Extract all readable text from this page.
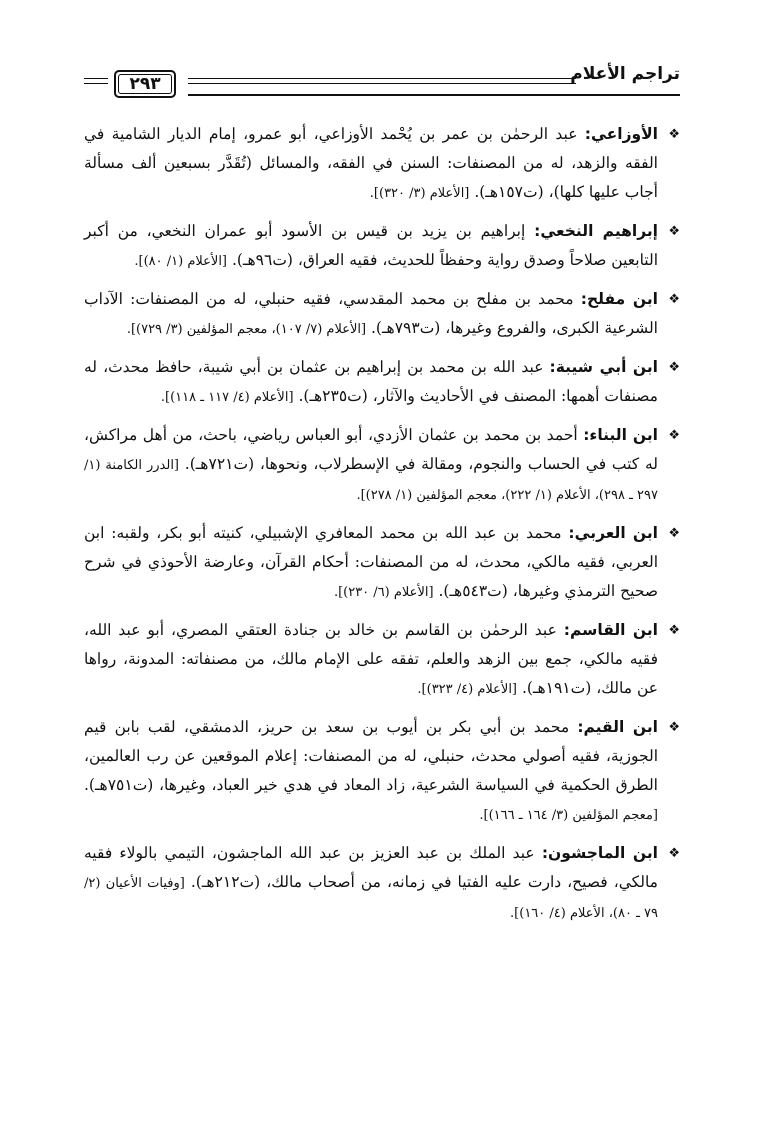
تراجم الأعلام
٢٩٣
❖
الأوزاعي: عبد الرحمٰن بن عمر بن يُحْمد الأوزاعي، أبو عمرو، إمام الديار الشامية في الفقه والزهد، له من المصنفات: السنن في الفقه، والمسائل (تُقَدَّر بسبعين ألف مسألة أجاب عليها كلها)، (ت١٥٧هـ). [الأعلام (٣/ ٣٢٠)].
❖
إبراهيم النخعي: إبراهيم بن يزيد بن قيس بن الأسود أبو عمران النخعي، من أكبر التابعين صلاحاً وصدق رواية وحفظاً للحديث، فقيه العراق، (ت٩٦هـ). [الأعلام (١/ ٨٠)].
❖
ابن مفلح: محمد بن مفلح بن محمد المقدسي، فقيه حنبلي، له من المصنفات: الآداب الشرعية الكبرى، والفروع وغيرها، (ت٧٩٣هـ). [الأعلام (٧/ ١٠٧)، معجم المؤلفين (٣/ ٧٢٩)].
❖
ابن أبي شيبة: عبد الله بن محمد بن إبراهيم بن عثمان بن أبي شيبة، حافظ محدث، له مصنفات أهمها: المصنف في الأحاديث والآثار، (ت٢٣٥هـ). [الأعلام (٤/ ١١٧ ـ ١١٨)].
❖
ابن البناء: أحمد بن محمد بن عثمان الأزدي، أبو العباس رياضي، باحث، من أهل مراكش، له كتب في الحساب والنجوم، ومقالة في الإسطرلاب، ونحوها، (ت٧٢١هـ). [الدرر الكامنة (١/ ٢٩٧ ـ ٢٩٨)، الأعلام (١/ ٢٢٢)، معجم المؤلفين (١/ ٢٧٨)].
❖
ابن العربي: محمد بن عبد الله بن محمد المعافري الإشبيلي، كنيته أبو بكر، ولقبه: ابن العربي، فقيه مالكي، محدث، له من المصنفات: أحكام القرآن، وعارضة الأحوذي في شرح صحيح الترمذي وغيرها، (ت٥٤٣هـ). [الأعلام (٦/ ٢٣٠)].
❖
ابن القاسم: عبد الرحمٰن بن القاسم بن خالد بن جنادة العتقي المصري، أبو عبد الله، فقيه مالكي، جمع بين الزهد والعلم، تفقه على الإمام مالك، من مصنفاته: المدونة، رواها عن مالك، (ت١٩١هـ). [الأعلام (٤/ ٣٢٣)].
❖
ابن القيم: محمد بن أبي بكر بن أيوب بن سعد بن حريز، الدمشقي، لقب بابن قيم الجوزية، فقيه أصولي محدث، حنبلي، له من المصنفات: إعلام الموقعين عن رب العالمين، الطرق الحكمية في السياسة الشرعية، زاد المعاد في هدي خير العباد، وغيرها، (ت٧٥١هـ). [معجم المؤلفين (٣/ ١٦٤ ـ ١٦٦)].
❖
ابن الماجشون: عبد الملك بن عبد العزيز بن عبد الله الماجشون، التيمي بالولاء فقيه مالكي، فصيح، دارت عليه الفتيا في زمانه، من أصحاب مالك، (ت٢١٢هـ). [وفيات الأعيان (٢/ ٧٩ ـ ٨٠)، الأعلام (٤/ ١٦٠)].
